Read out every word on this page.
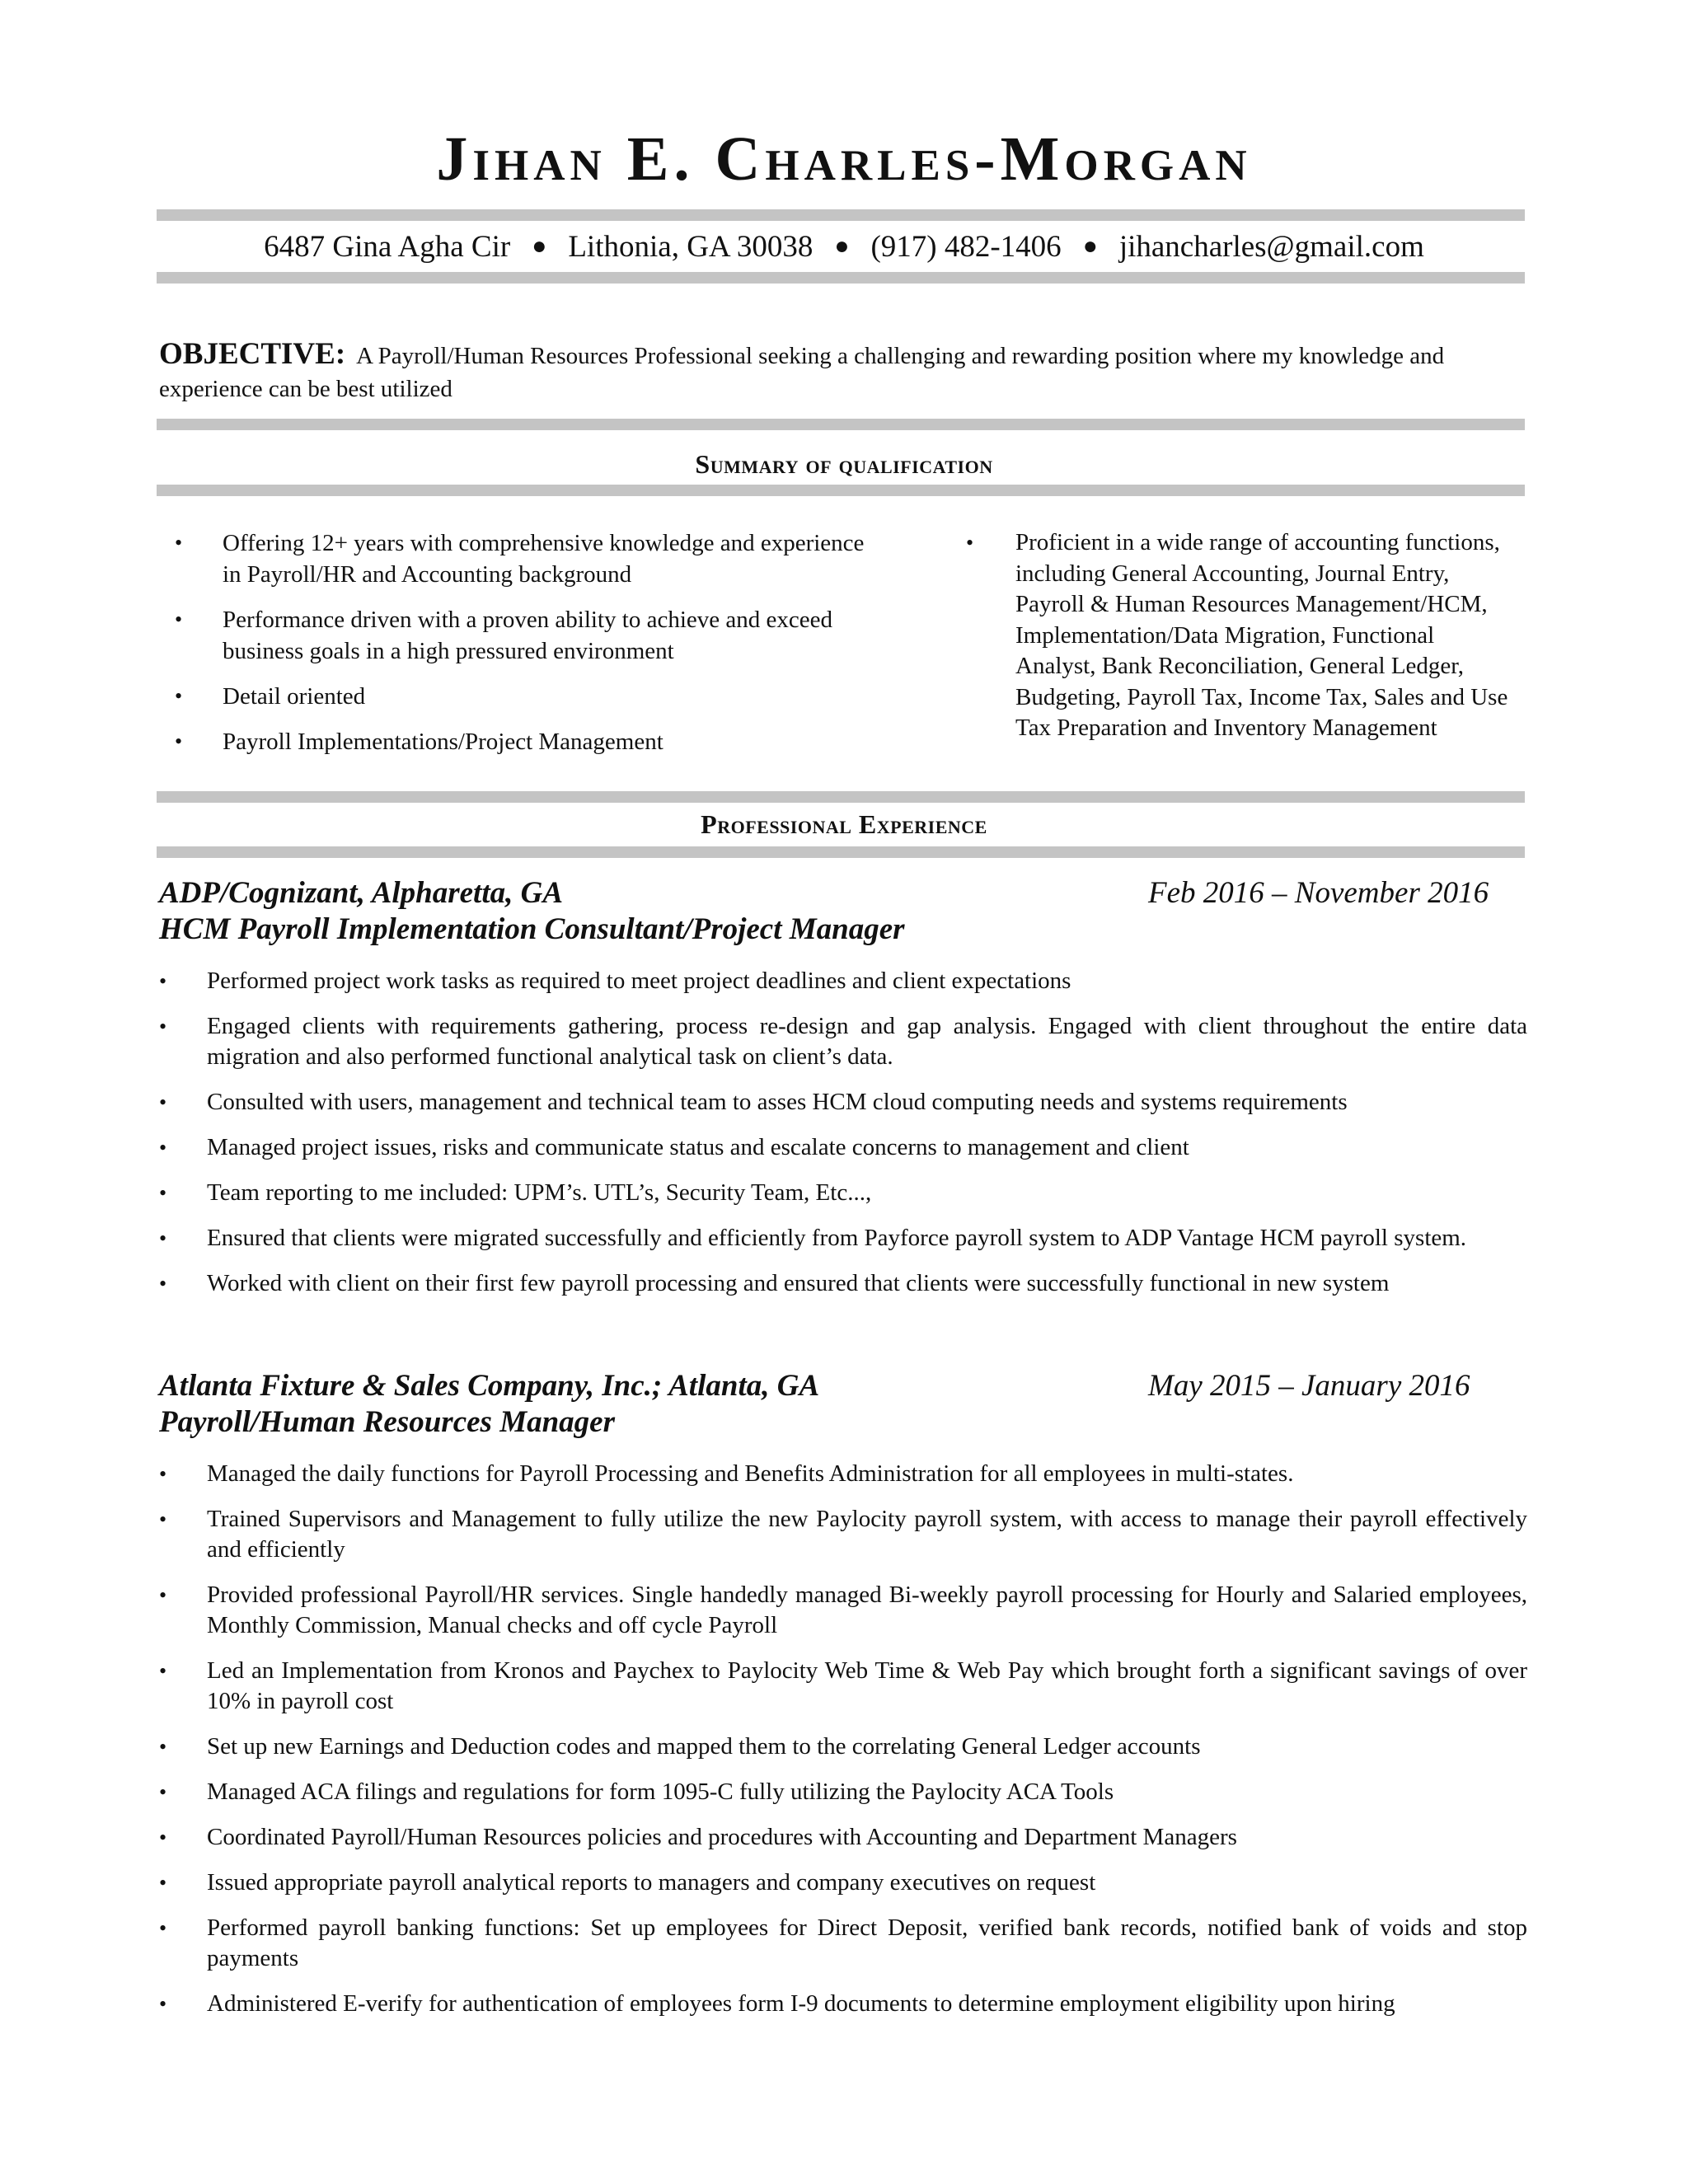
Jihan E. Charles-Morgan
6487 Gina Agha Cir ● Lithonia, GA 30038 ● (917) 482-1406 ● jihancharles@gmail.com
OBJECTIVE: A Payroll/Human Resources Professional seeking a challenging and rewarding position where my knowledge and experience can be best utilized
Summary of qualification
• Offering 12+ years with comprehensive knowledge and experience in Payroll/HR and Accounting background
• Performance driven with a proven ability to achieve and exceed business goals in a high pressured environment
• Detail oriented
• Payroll Implementations/Project Management
• Proficient in a wide range of accounting functions, including General Accounting, Journal Entry, Payroll & Human Resources Management/HCM, Implementation/Data Migration, Functional Analyst, Bank Reconciliation, General Ledger, Budgeting, Payroll Tax, Income Tax, Sales and Use Tax Preparation and Inventory Management
Professional Experience
ADP/Cognizant, Alpharetta, GA
HCM Payroll Implementation Consultant/Project Manager
Feb 2016 – November 2016
• Performed project work tasks as required to meet project deadlines and client expectations
• Engaged clients with requirements gathering, process re-design and gap analysis. Engaged with client throughout the entire data migration and also performed functional analytical task on client’s data.
• Consulted with users, management and technical team to asses HCM cloud computing needs and systems requirements
• Managed project issues, risks and communicate status and escalate concerns to management and client
• Team reporting to me included: UPM’s. UTL’s, Security Team, Etc...,
• Ensured that clients were migrated successfully and efficiently from Payforce payroll system to ADP Vantage HCM payroll system.
• Worked with client on their first few payroll processing and ensured that clients were successfully functional in new system
Atlanta Fixture & Sales Company, Inc.; Atlanta, GA
Payroll/Human Resources Manager
May 2015 – January 2016
• Managed the daily functions for Payroll Processing and Benefits Administration for all employees in multi-states.
• Trained Supervisors and Management to fully utilize the new Paylocity payroll system, with access to manage their payroll effectively and efficiently
• Provided professional Payroll/HR services. Single handedly managed Bi-weekly payroll processing for Hourly and Salaried employees, Monthly Commission, Manual checks and off cycle Payroll
• Led an Implementation from Kronos and Paychex to Paylocity Web Time & Web Pay which brought forth a significant savings of over 10% in payroll cost
• Set up new Earnings and Deduction codes and mapped them to the correlating General Ledger accounts
• Managed ACA filings and regulations for form 1095-C fully utilizing the Paylocity ACA Tools
• Coordinated Payroll/Human Resources policies and procedures with Accounting and Department Managers
• Issued appropriate payroll analytical reports to managers and company executives on request
• Performed payroll banking functions: Set up employees for Direct Deposit, verified bank records, notified bank of voids and stop payments
• Administered E-verify for authentication of employees form I-9 documents to determine employment eligibility upon hiring
